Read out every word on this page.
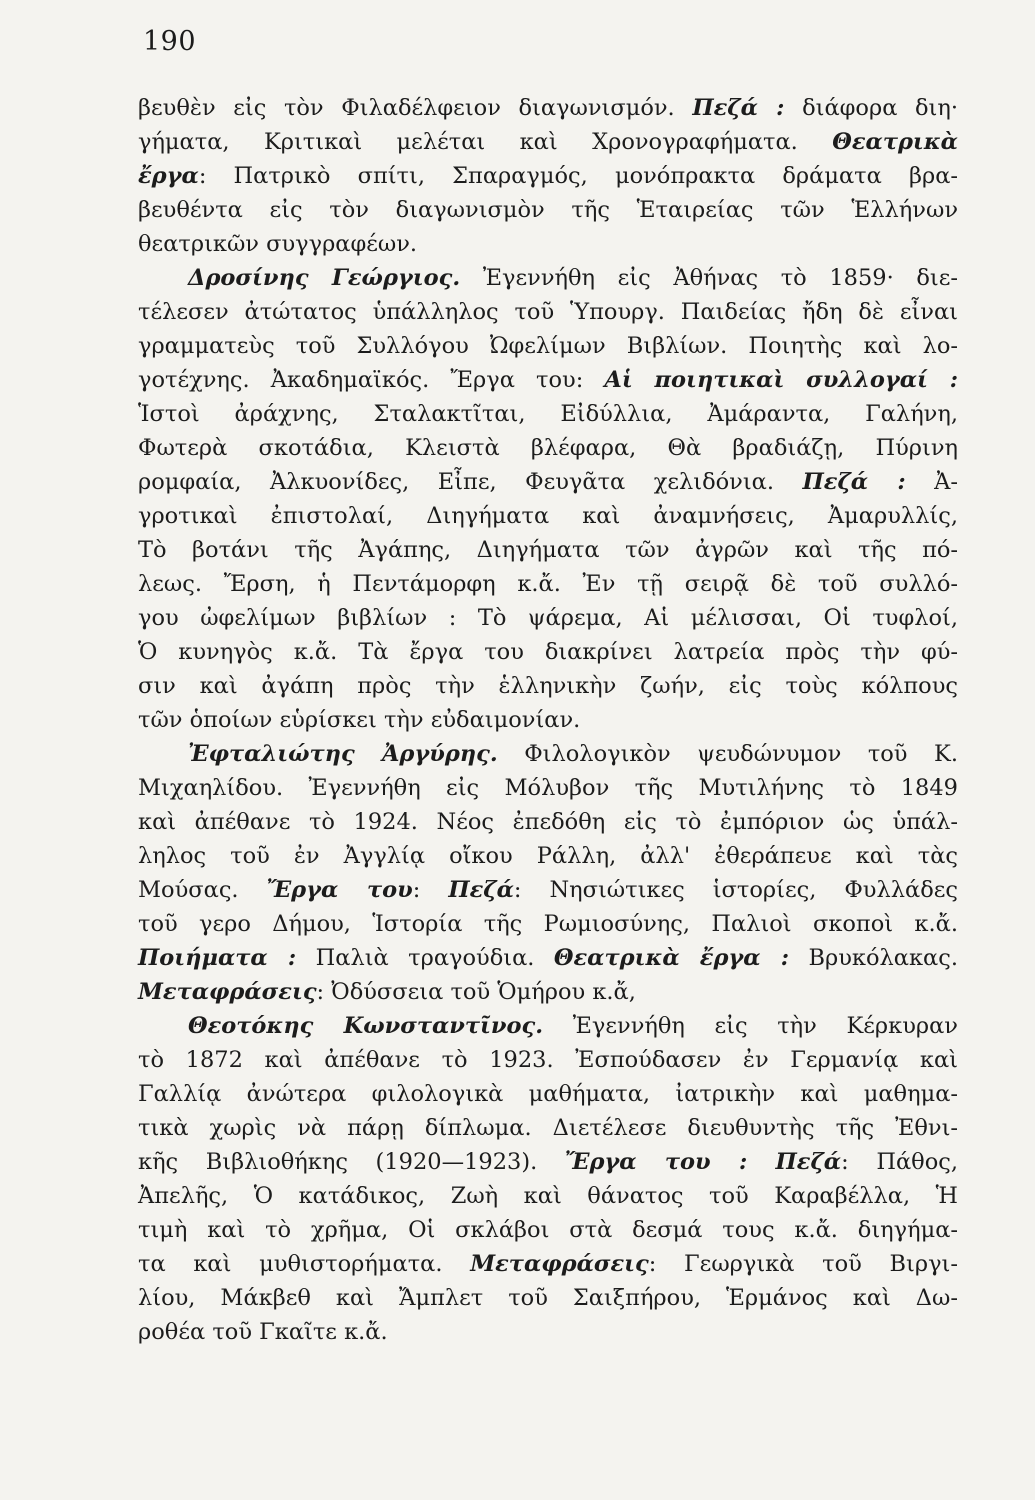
190
βευθὲν εἰς τὸν Φιλαδέλφειον διαγωνισμόν. Πεζά : διάφορα διη·
γήματα, Κριτικαὶ μελέται καὶ Χρονογραφήματα. Θεατρικὰ
ἔργα: Πατρικὸ σπίτι, Σπαραγμός, μονόπρακτα δράματα βρα-
βευθέντα εἰς τὸν διαγωνισμὸν τῆς Ἑταιρείας τῶν Ἑλλήνων
θεατρικῶν συγγραφέων.
Δροσίνης Γεώργιος. Ἐγεννήθη εἰς Ἀθήνας τὸ 1859· διε-
τέλεσεν ἀτώτατος ὑπάλληλος τοῦ Ὑπουργ. Παιδείας ἤδη δὲ εἶναι
γραμματεὺς τοῦ Συλλόγου Ὠφελίμων Βιβλίων. Ποιητὴς καὶ λο-
γοτέχνης. Ἀκαδημαϊκός. Ἔργα του: Αἱ ποιητικαὶ συλλογαί :
Ἱστοὶ ἀράχνης, Σταλακτῖται, Εἰδύλλια, Ἀμάραντα, Γαλήνη,
Φωτερὰ σκοτάδια, Κλειστὰ βλέφαρα, Θὰ βραδιάζῃ, Πύρινη
ρομφαία, Ἀλκυονίδες, Εἶπε, Φευγᾶτα χελιδόνια. Πεζά : Ἀ-
γροτικαὶ ἐπιστολαί, Διηγήματα καὶ ἀναμνήσεις, Ἀμαρυλλίς,
Τὸ βοτάνι τῆς Ἀγάπης, Διηγήματα τῶν ἀγρῶν καὶ τῆς πό-
λεως. Ἔρση, ἡ Πεντάμορφη κ.ἄ. Ἐν τῇ σειρᾷ δὲ τοῦ συλλό-
γου ὠφελίμων βιβλίων : Τὸ ψάρεμα, Αἱ μέλισσαι, Οἱ τυφλοί,
Ὁ κυνηγὸς κ.ἄ. Τὰ ἔργα του διακρίνει λατρεία πρὸς τὴν φύ-
σιν καὶ ἀγάπη πρὸς τὴν ἑλληνικὴν ζωήν, εἰς τοὺς κόλπους
τῶν ὁποίων εὑρίσκει τὴν εὐδαιμονίαν.
Ἐφταλιώτης Ἀργύρης. Φιλολογικὸν ψευδώνυμον τοῦ Κ.
Μιχαηλίδου. Ἐγεννήθη εἰς Μόλυβον τῆς Μυτιλήνης τὸ 1849
καὶ ἀπέθανε τὸ 1924. Νέος ἐπεδόθη εἰς τὸ ἐμπόριον ὡς ὑπάλ-
ληλος τοῦ ἐν Ἀγγλίᾳ οἴκου Ράλλη, ἀλλ' ἐθεράπευε καὶ τὰς
Μούσας. Ἔργα του: Πεζά: Νησιώτικες ἱστορίες, Φυλλάδες
τοῦ γερο Δήμου, Ἱστορία τῆς Ρωμιοσύνης, Παλιοὶ σκοποὶ κ.ἄ.
Ποιήματα : Παλιὰ τραγούδια. Θεατρικὰ ἔργα : Βρυκόλακας.
Μεταφράσεις: Ὀδύσσεια τοῦ Ὁμήρου κ.ἄ,
Θεοτόκης Κωνσταντῖνος. Ἐγεννήθη εἰς τὴν Κέρκυραν
τὸ 1872 καὶ ἀπέθανε τὸ 1923. Ἐσπούδασεν ἐν Γερμανίᾳ καὶ
Γαλλίᾳ ἀνώτερα φιλολογικὰ μαθήματα, ἰατρικὴν καὶ μαθημα-
τικὰ χωρὶς νὰ πάρῃ δίπλωμα. Διετέλεσε διευθυντὴς τῆς Ἐθνι-
κῆς Βιβλιοθήκης (1920—1923). Ἔργα του : Πεζά: Πάθος,
Ἀπελῆς, Ὁ κατάδικος, Ζωὴ καὶ θάνατος τοῦ Καραβέλλα, Ἡ
τιμὴ καὶ τὸ χρῆμα, Οἱ σκλάβοι στὰ δεσμά τους κ.ἄ. διηγήμα-
τα καὶ μυθιστορήματα. Μεταφράσεις: Γεωργικὰ τοῦ Βιργι-
λίου, Μάκβεθ καὶ Ἄμπλετ τοῦ Σαιξπήρου, Ἑρμάνος καὶ Δω-
ροθέα τοῦ Γκαῖτε κ.ἄ.
